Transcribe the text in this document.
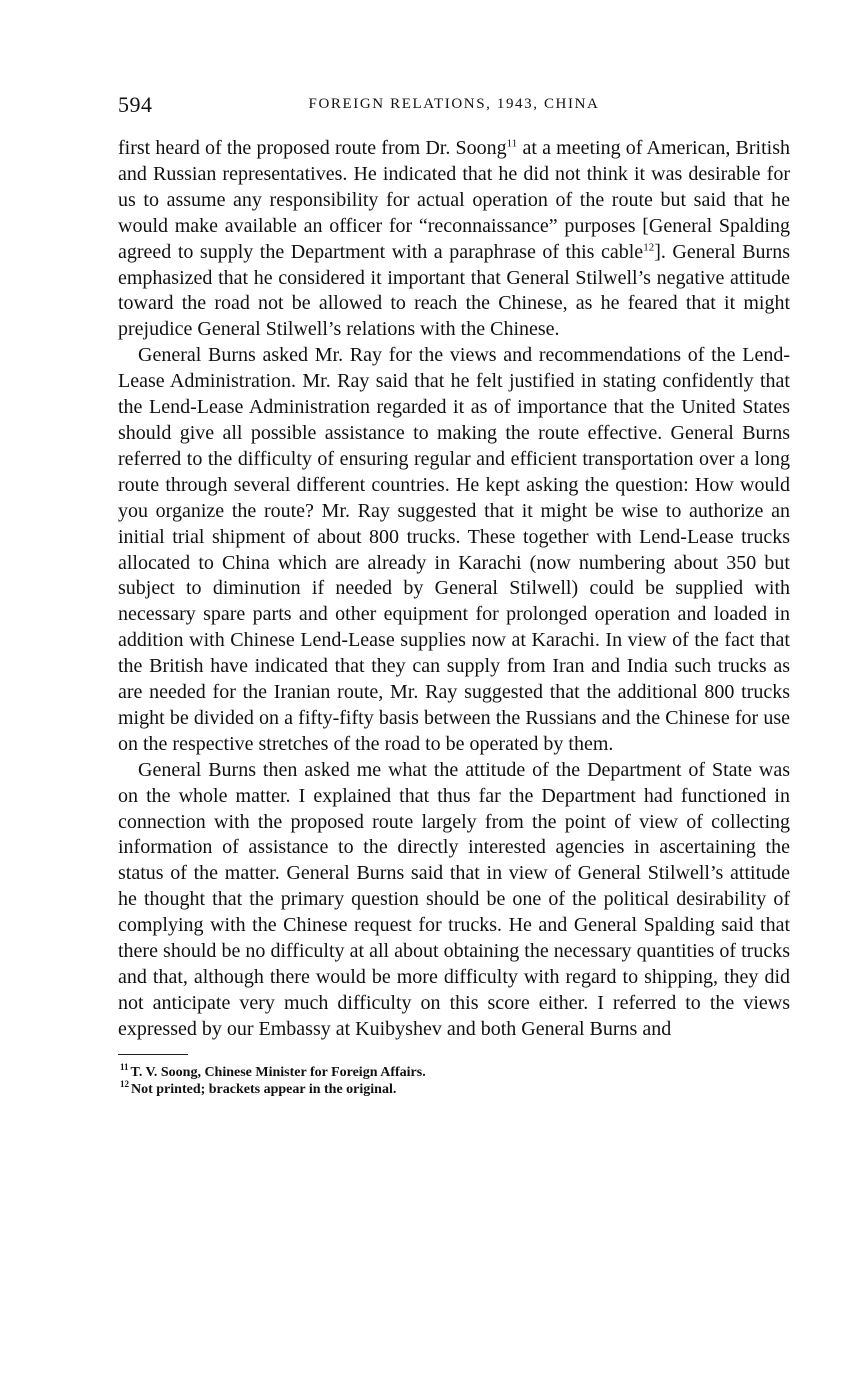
594	FOREIGN RELATIONS, 1943, CHINA

first heard of the proposed route from Dr. Soong$^{11}$ at a meeting of American, British and Russian representatives. He indicated that he did not think it was desirable for us to assume any responsibility for actual operation of the route but said that he would make available an officer for “reconnaissance” purposes [General Spalding agreed to supply the Department with a paraphrase of this cable$^{12}$]. General Burns emphasized that he considered it important that General Stilwell’s negative attitude toward the road not be allowed to reach the Chinese, as he feared that it might prejudice General Stilwell’s relations with the Chinese.

General Burns asked Mr. Ray for the views and recommendations of the Lend-Lease Administration. Mr. Ray said that he felt justified in stating confidently that the Lend-Lease Administration regarded it as of importance that the United States should give all possible assistance to making the route effective. General Burns referred to the difficulty of ensuring regular and efficient transportation over a long route through several different countries. He kept asking the question: How would you organize the route? Mr. Ray suggested that it might be wise to authorize an initial trial shipment of about 800 trucks. These together with Lend-Lease trucks allocated to China which are already in Karachi (now numbering about 350 but subject to diminution if needed by General Stilwell) could be supplied with necessary spare parts and other equipment for prolonged operation and loaded in addition with Chinese Lend-Lease supplies now at Karachi. In view of the fact that the British have indicated that they can supply from Iran and India such trucks as are needed for the Iranian route, Mr. Ray suggested that the additional 800 trucks might be divided on a fifty-fifty basis between the Russians and the Chinese for use on the respective stretches of the road to be operated by them.

General Burns then asked me what the attitude of the Department of State was on the whole matter. I explained that thus far the Department had functioned in connection with the proposed route largely from the point of view of collecting information of assistance to the directly interested agencies in ascertaining the status of the matter. General Burns said that in view of General Stilwell’s attitude he thought that the primary question should be one of the political desirability of complying with the Chinese request for trucks. He and General Spalding said that there should be no difficulty at all about obtaining the necessary quantities of trucks and that, although there would be more difficulty with regard to shipping, they did not anticipate very much difficulty on this score either. I referred to the views expressed by our Embassy at Kuibyshev and both General Burns and

$^{11}$ T. V. Soong, Chinese Minister for Foreign Affairs.

$^{12}$ Not printed; brackets appear in the original.
